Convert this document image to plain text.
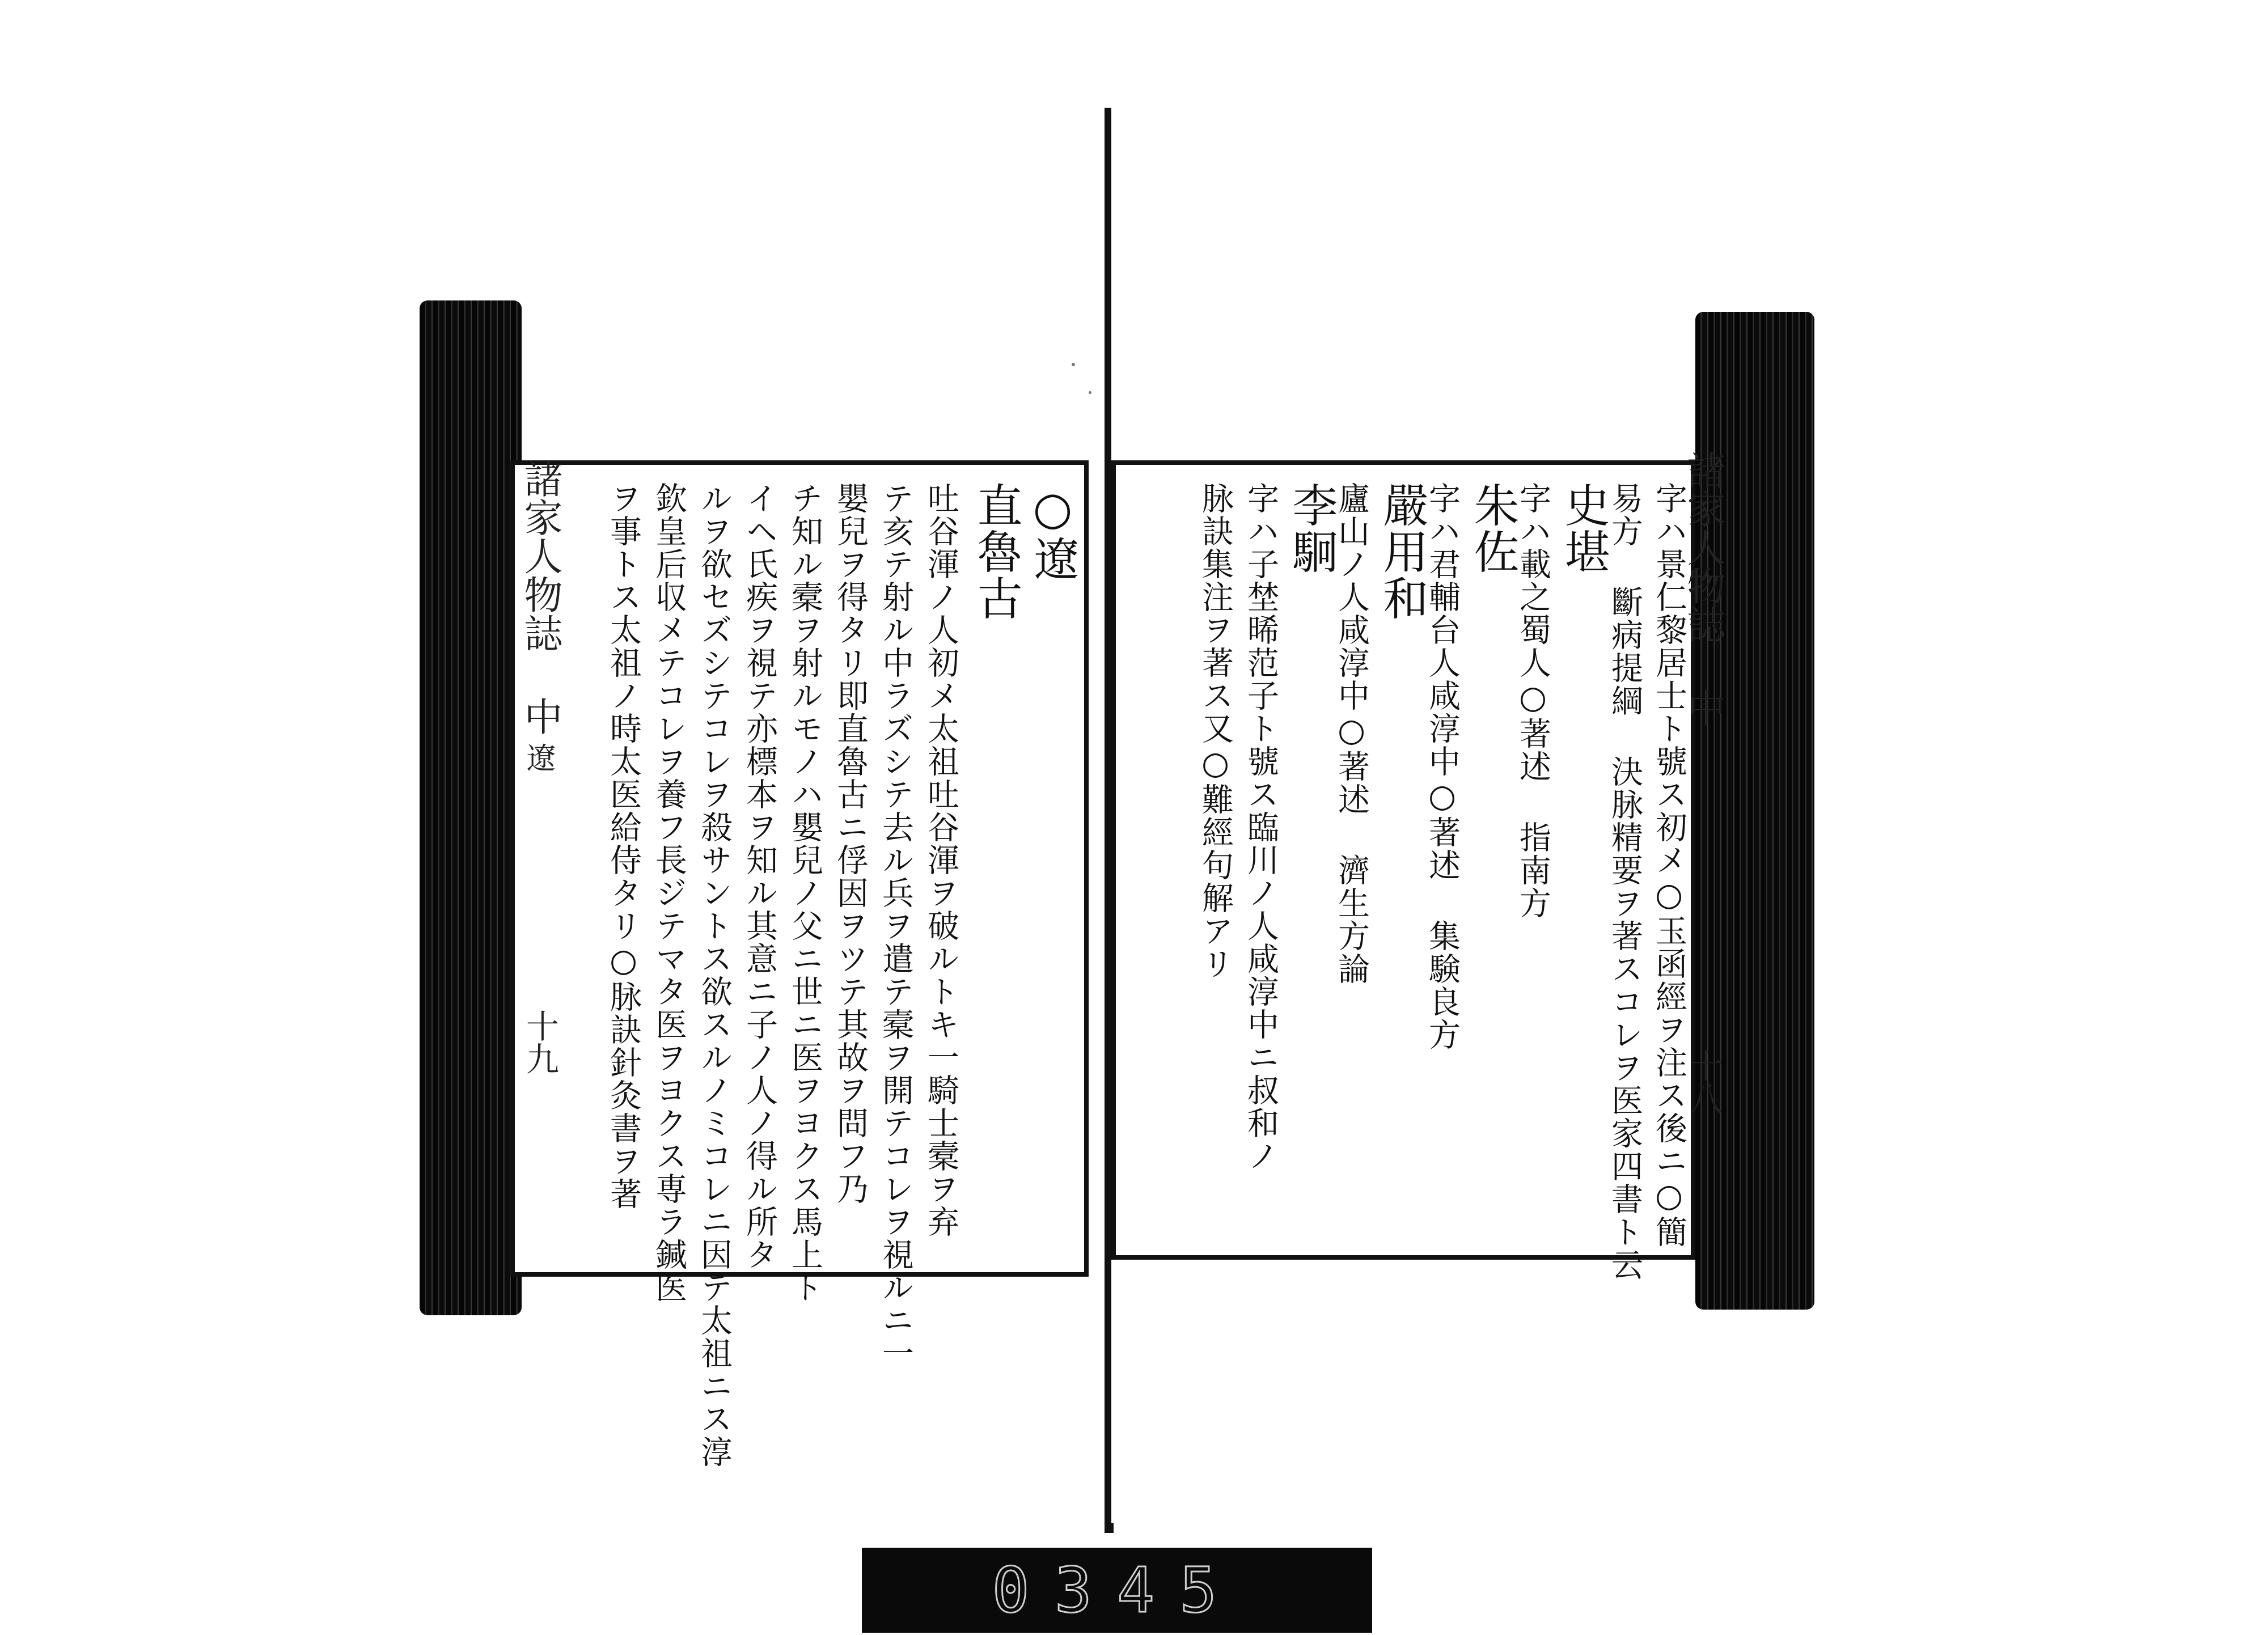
○遼
直魯古
吐谷渾ノ人初メ太祖吐谷渾ヲ破ルトキ一騎士槖ヲ弃
テ亥テ射ル中ラズシテ去ル兵ヲ遣テ槖ヲ開テコレヲ視ルニ一
嬰兒ヲ得タリ即直魯古ニ俘因ヲツテ其故ヲ問フ乃
チ知ル槖ヲ射ルモノハ嬰兒ノ父ニ世ニ医ヲヨクス馬上ト
イヘ氏疾ヲ視テ亦標本ヲ知ル其意ニ子ノ人ノ得ル所タ
ルヲ欲セズシテコレヲ殺サントス欲スルノミコレニ因テ太祖ニス淳
欽皇后収メテコレヲ養フ長ジテマタ医ヲヨクス専ラ鍼医
ヲ事トス太祖ノ時太医給侍タリ○脉訣針灸書ヲ著	字ハ景仁黎居士ト號ス初メ○玉函經ヲ注ス後ニ○簡
易方 斷病提綱 決脉精要ヲ著スコレヲ医家四書ト云
史堪
字ハ載之蜀人○著述 指南方
朱佐
字ハ君輔台人咸淳中○著述 集験良方
嚴用和
廬山ノ人咸淳中○著述 濟生方論
李駉
字ハ子埜晞范子ト號ス臨川ノ人咸淳中ニ叔和ノ
脉訣集注ヲ著ス又○難經句解アリ
諸家人物誌 中
遼
十九
諸家人物誌 中
十八
0345
